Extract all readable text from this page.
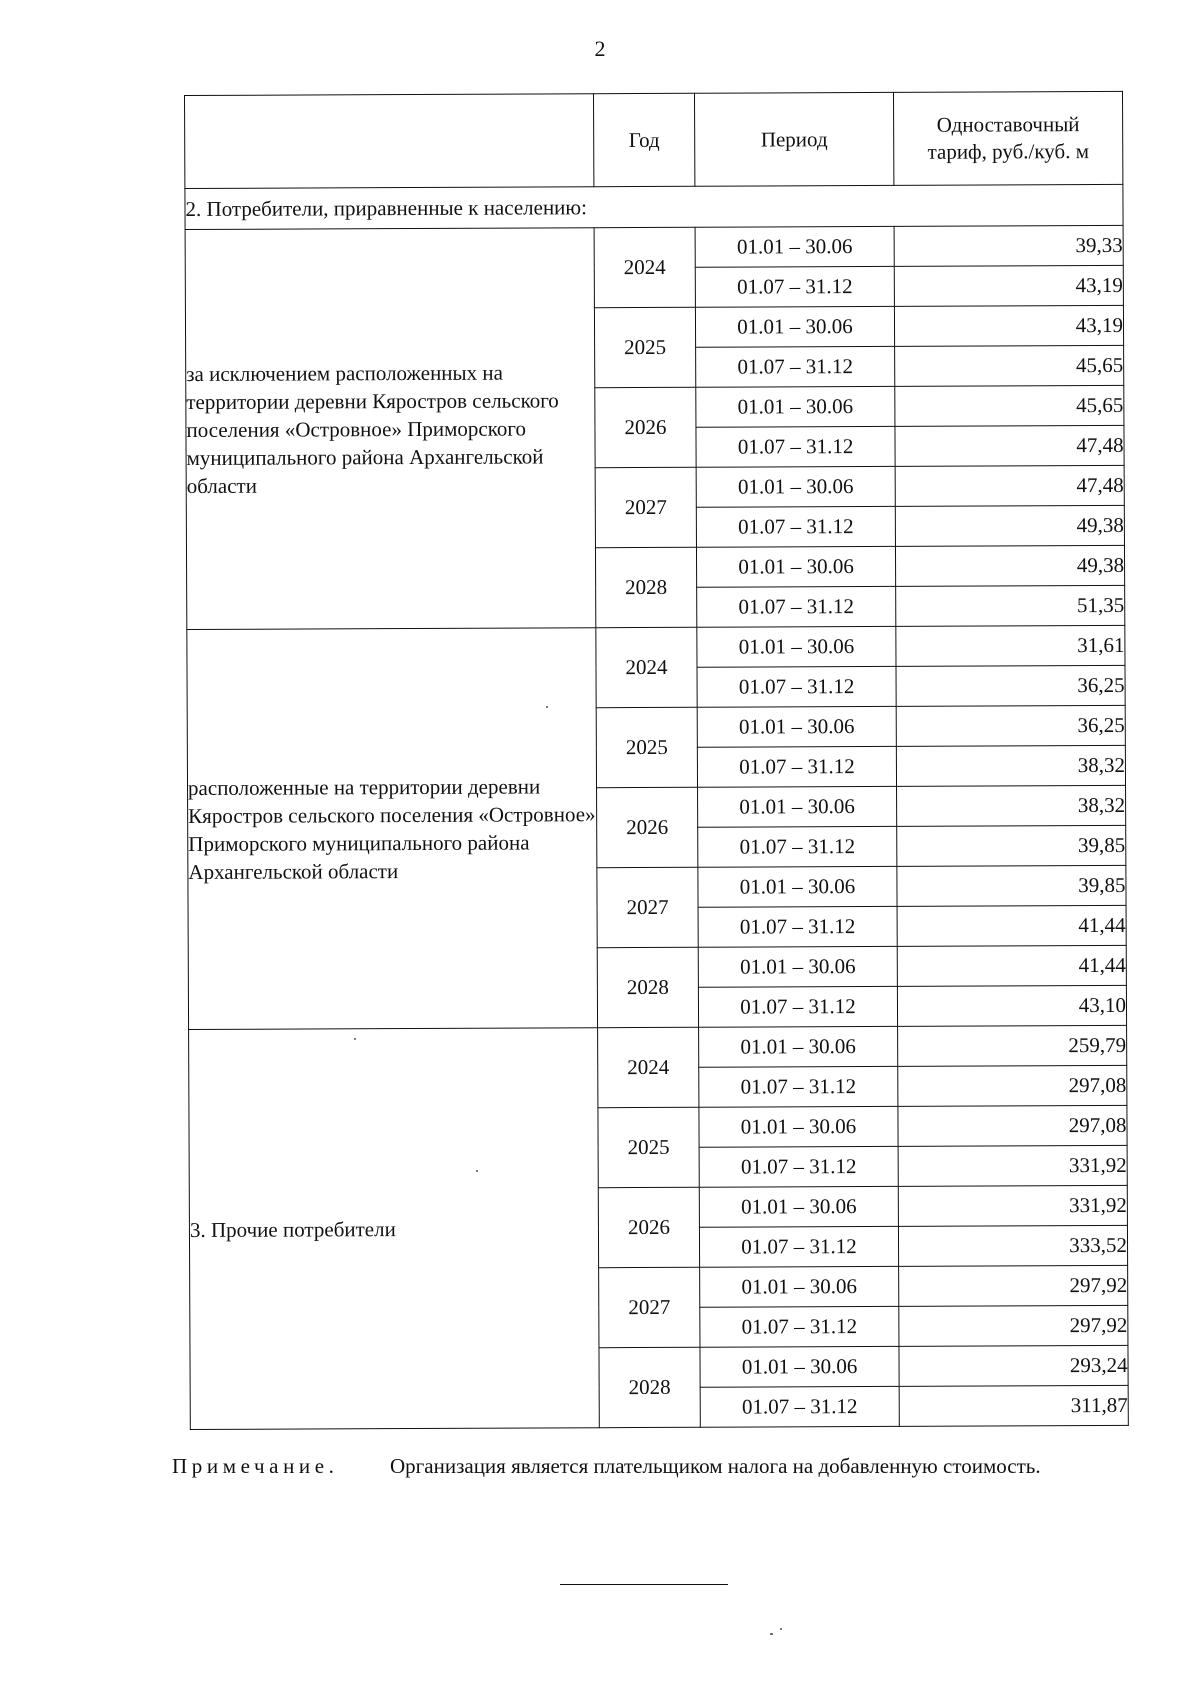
2
	Год	Период	Одноставочный тариф, руб./куб. м
2. Потребители, приравненные к населению:			
за исключением расположенных на территории деревни Кяростров сельского поселения «Островное» Приморского муниципального района Архангельской области	2024	01.01 – 30.06	39,33
		01.07 – 31.12	43,19
	2025	01.01 – 30.06	43,19
		01.07 – 31.12	45,65
	2026	01.01 – 30.06	45,65
		01.07 – 31.12	47,48
	2027	01.01 – 30.06	47,48
		01.07 – 31.12	49,38
	2028	01.01 – 30.06	49,38
		01.07 – 31.12	51,35
расположенные на территории деревни Кяростров сельского поселения «Островное» Приморского муниципального района Архангельской области	2024	01.01 – 30.06	31,61
		01.07 – 31.12	36,25
	2025	01.01 – 30.06	36,25
		01.07 – 31.12	38,32
	2026	01.01 – 30.06	38,32
		01.07 – 31.12	39,85
	2027	01.01 – 30.06	39,85
		01.07 – 31.12	41,44
	2028	01.01 – 30.06	41,44
		01.07 – 31.12	43,10
3. Прочие потребители	2024	01.01 – 30.06	259,79
		01.07 – 31.12	297,08
	2025	01.01 – 30.06	297,08
		01.07 – 31.12	331,92
	2026	01.01 – 30.06	331,92
		01.07 – 31.12	333,52
	2027	01.01 – 30.06	297,92
		01.07 – 31.12	297,92
	2028	01.01 – 30.06	293,24
		01.07 – 31.12	311,87
Примечание. Организация является плательщиком налога на добавленную стоимость.
